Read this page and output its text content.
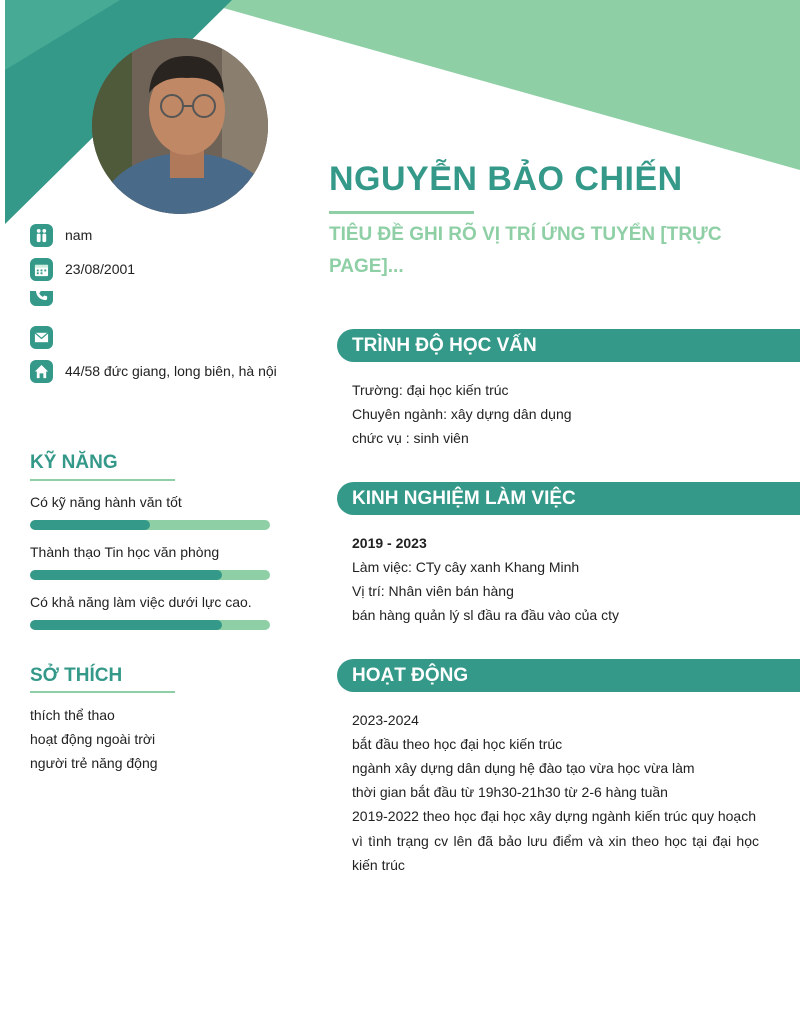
NGUYỄN BẢO CHIẾN
TIÊU ĐỀ GHI RÕ VỊ TRÍ ỨNG TUYỂN [TRỰC PAGE]...
nam
23/08/2001
44/58 đức giang, long biên, hà nội
KỸ NĂNG
Có kỹ năng hành văn tốt
Thành thạo Tin học văn phòng
Có khả năng làm việc dưới lực cao.
SỞ THÍCH
thích thể thao
hoạt động ngoài trời
người trẻ năng động
TRÌNH ĐỘ HỌC VẤN
Trường: đại học kiến trúc
Chuyên ngành: xây dựng dân dụng
chức vụ : sinh viên
KINH NGHIỆM LÀM VIỆC
2019 - 2023
Làm việc: CTy cây xanh Khang Minh
Vị trí: Nhân viên bán hàng
bán hàng quản lý sl đầu ra đầu vào của cty
HOẠT ĐỘNG
2023-2024
bắt đầu theo học đại học kiến trúc
ngành xây dựng dân dụng hệ đào tạo vừa học vừa làm
thời gian bắt đầu từ 19h30-21h30 từ 2-6 hàng tuần
2019-2022 theo học đại học xây dựng ngành kiến trúc quy hoạch
vì tình trạng cv lên đã bảo lưu điểm và xin theo học tại đại học kiến trúc
